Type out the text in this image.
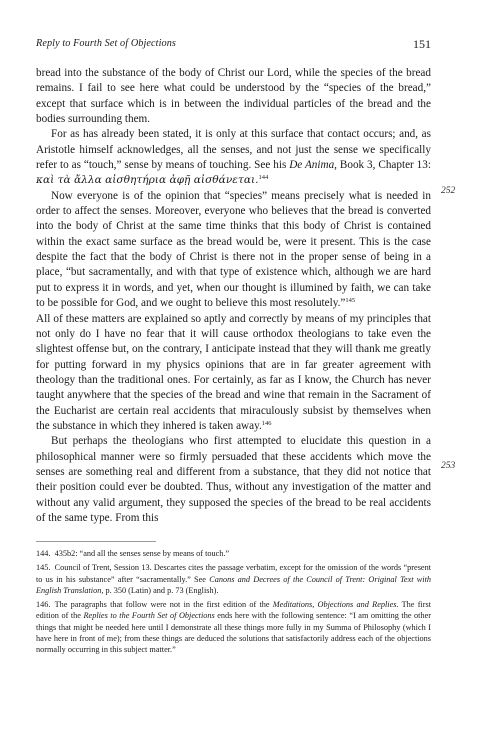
Reply to Fourth Set of Objections	151
252
253

bread into the substance of the body of Christ our Lord, while the species of the bread remains. I fail to see here what could be understood by the “species of the bread,” except that surface which is in between the individual particles of the bread and the bodies surrounding them.

For as has already been stated, it is only at this surface that contact occurs; and, as Aristotle himself acknowledges, all the senses, and not just the sense we specifically refer to as “touch,” sense by means of touching. See his De Anima, Book 3, Chapter 13: καὶ τὰ ἄλλα αἰσθητήρια ἁφῇ αἰσθάνεται.$^{144}$

Now everyone is of the opinion that “species” means precisely what is needed in order to affect the senses. Moreover, everyone who believes that the bread is converted into the body of Christ at the same time thinks that this body of Christ is contained within the exact same surface as the bread would be, were it present. This is the case despite the fact that the body of Christ is there not in the proper sense of being in a place, “but sacramentally, and with that type of existence which, although we are hard put to express it in words, and yet, when our thought is illumined by faith, we can take to be possible for God, and we ought to believe this most resolutely.”$^{145}$

All of these matters are explained so aptly and correctly by means of my principles that not only do I have no fear that it will cause orthodox theologians to take even the slightest offense but, on the contrary, I anticipate instead that they will thank me greatly for putting forward in my physics opinions that are in far greater agreement with theology than the traditional ones. For certainly, as far as I know, the Church has never taught anywhere that the species of the bread and wine that remain in the Sacrament of the Eucharist are certain real accidents that miraculously subsist by themselves when the substance in which they inhered is taken away.$^{146}$

But perhaps the theologians who first attempted to elucidate this question in a philosophical manner were so firmly persuaded that these accidents which move the senses are something real and different from a substance, that they did not notice that their position could ever be doubted. Thus, without any investigation of the matter and without any valid argument, they supposed the species of the bread to be real accidents of the same type. From this

144. 435b2: “and all the senses sense by means of touch.”

145. Council of Trent, Session 13. Descartes cites the passage verbatim, except for the omission of the words “present to us in his substance” after “sacramentally.” See Canons and Decrees of the Council of Trent: Original Text with English Translation, p. 350 (Latin) and p. 73 (English).

146. The paragraphs that follow were not in the first edition of the Meditations, Objections and Replies. The first edition of the Replies to the Fourth Set of Objections ends here with the following sentence: “I am omitting the other things that might be needed here until I demonstrate all these things more fully in my Summa of Philosophy (which I have here in front of me); from these things are deduced the solutions that satisfactorily address each of the objections normally occurring in this subject matter.”
